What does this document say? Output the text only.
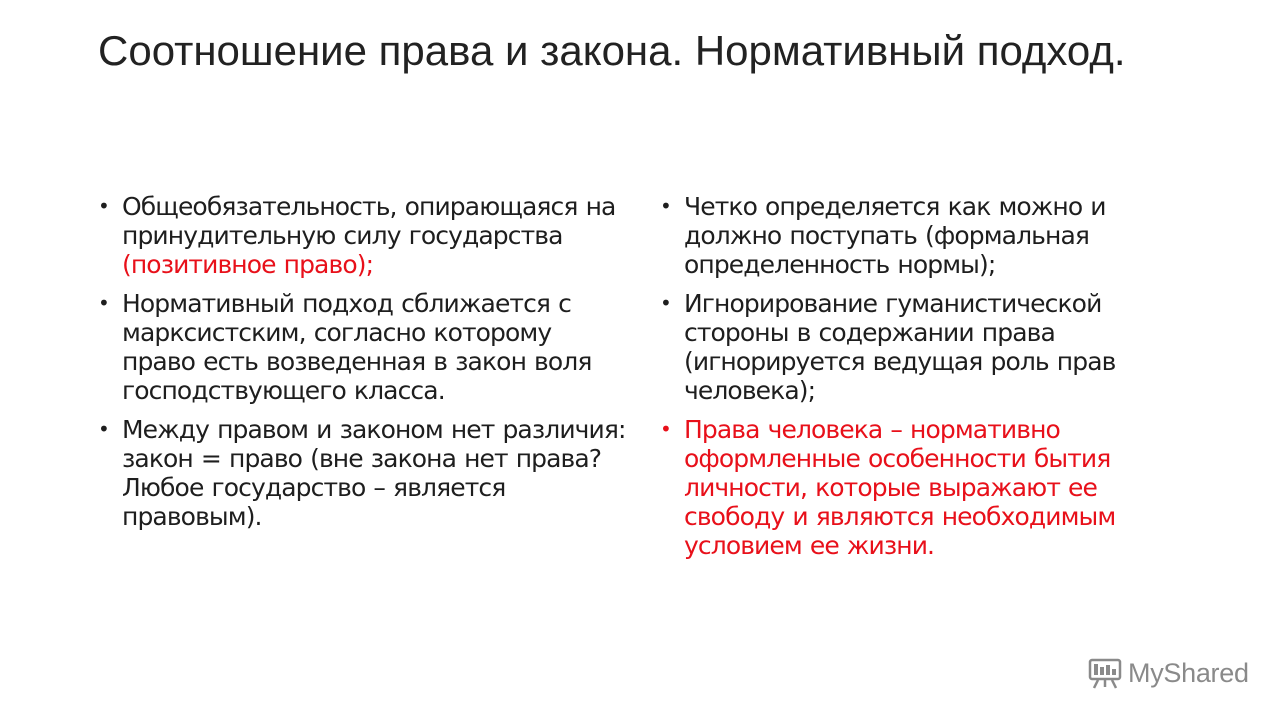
Соотношение права и закона. Нормативный подход.
• Общеобязательность, опирающаяся на принудительную силу государства (позитивное право);
• Нормативный подход сближается с марксистским, согласно которому право есть возведенная в закон воля господствующего класса.
• Между правом и законом нет различия: закон = право (вне закона нет права? Любое государство – является правовым).
• Четко определяется как можно и должно поступать (формальная определенность нормы);
• Игнорирование гуманистической стороны в содержании права (игнорируется ведущая роль прав человека);
• Права человека – нормативно оформленные особенности бытия личности, которые выражают ее свободу и являются необходимым условием ее жизни.
MyShared
